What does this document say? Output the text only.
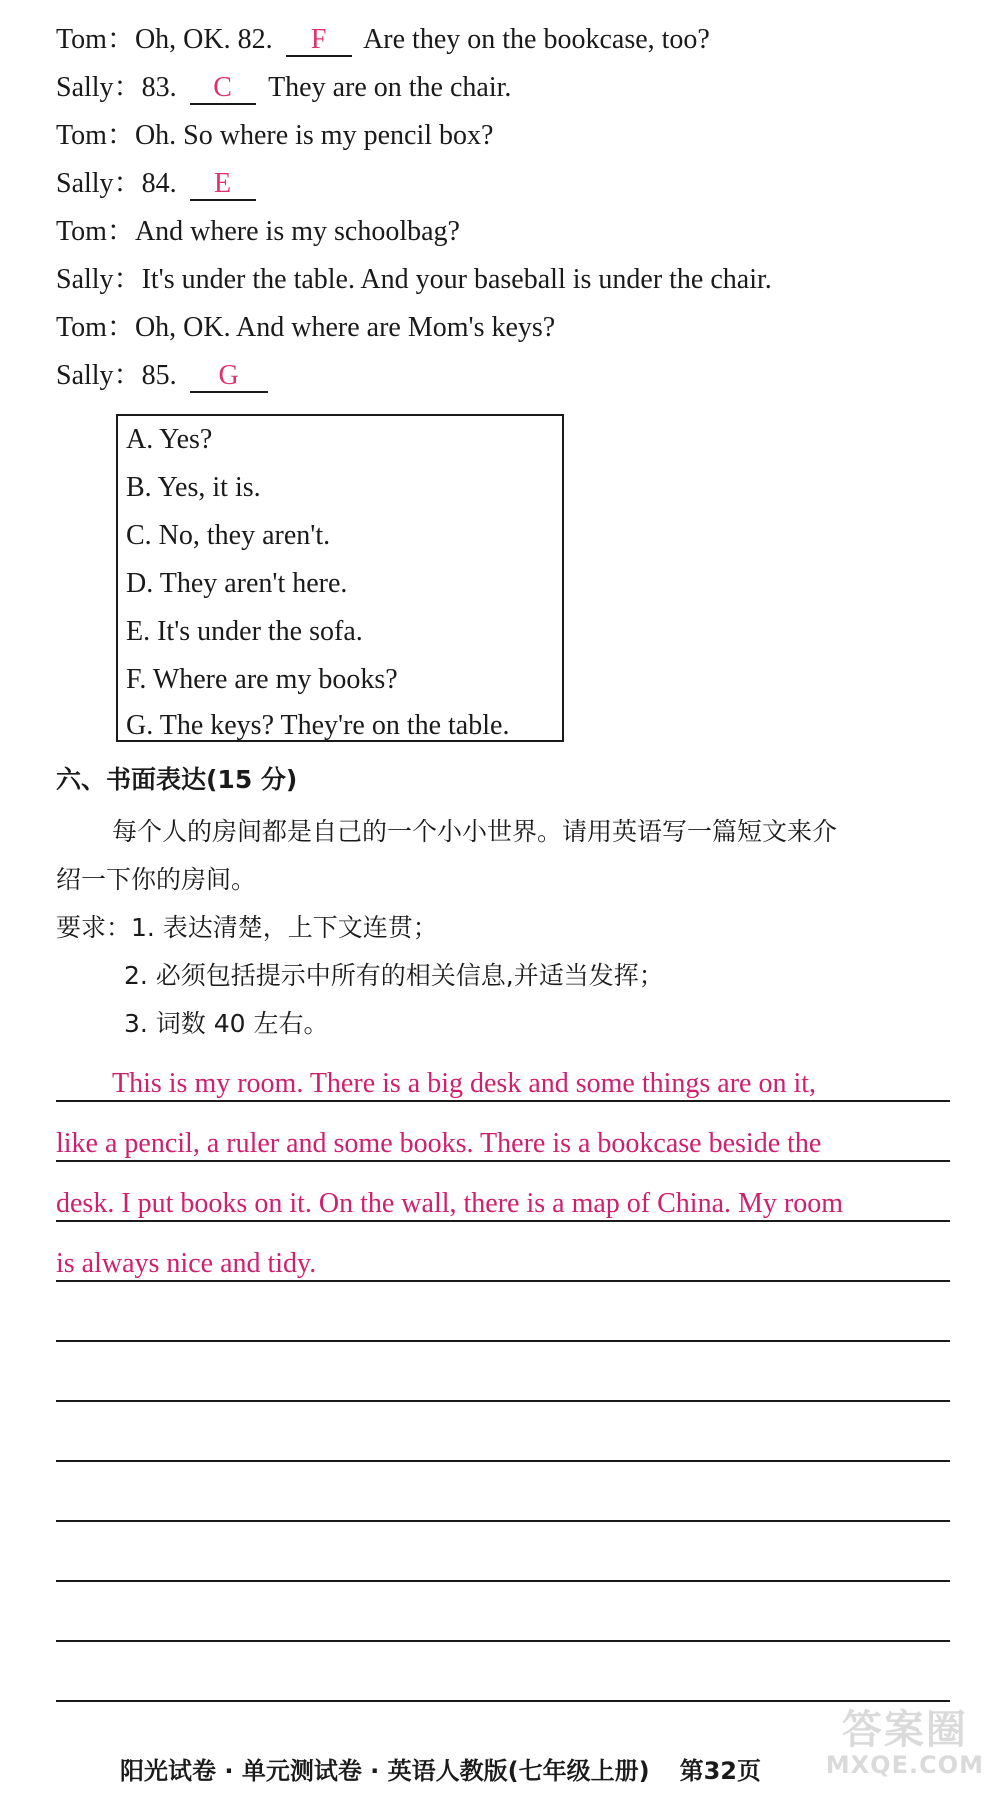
Tom：Oh, OK. 82. F Are they on the bookcase, too?
Sally：83. C They are on the chair.
Tom：Oh. So where is my pencil box?
Sally：84. E
Tom：And where is my schoolbag?
Sally：It's under the table. And your baseball is under the chair.
Tom：Oh, OK. And where are Mom's keys?
Sally：85. G
A. Yes?
B. Yes, it is.
C. No, they aren't.
D. They aren't here.
E. It's under the sofa.
F. Where are my books?
G. The keys? They're on the table.
六、书面表达(15 分)
每个人的房间都是自己的一个小小世界。请用英语写一篇短文来介
绍一下你的房间。
要求：1. 表达清楚，上下文连贯；
2. 必须包括提示中所有的相关信息,并适当发挥；
3. 词数 40 左右。
This is my room. There is a big desk and some things are on it,
like a pencil, a ruler and some books. There is a bookcase beside the
desk. I put books on it. On the wall, there is a map of China. My room
is always nice and tidy.
阳光试卷 · 单元测试卷 · 英语人教版(七年级上册) 第32页
答案圈
MXQE.COM
